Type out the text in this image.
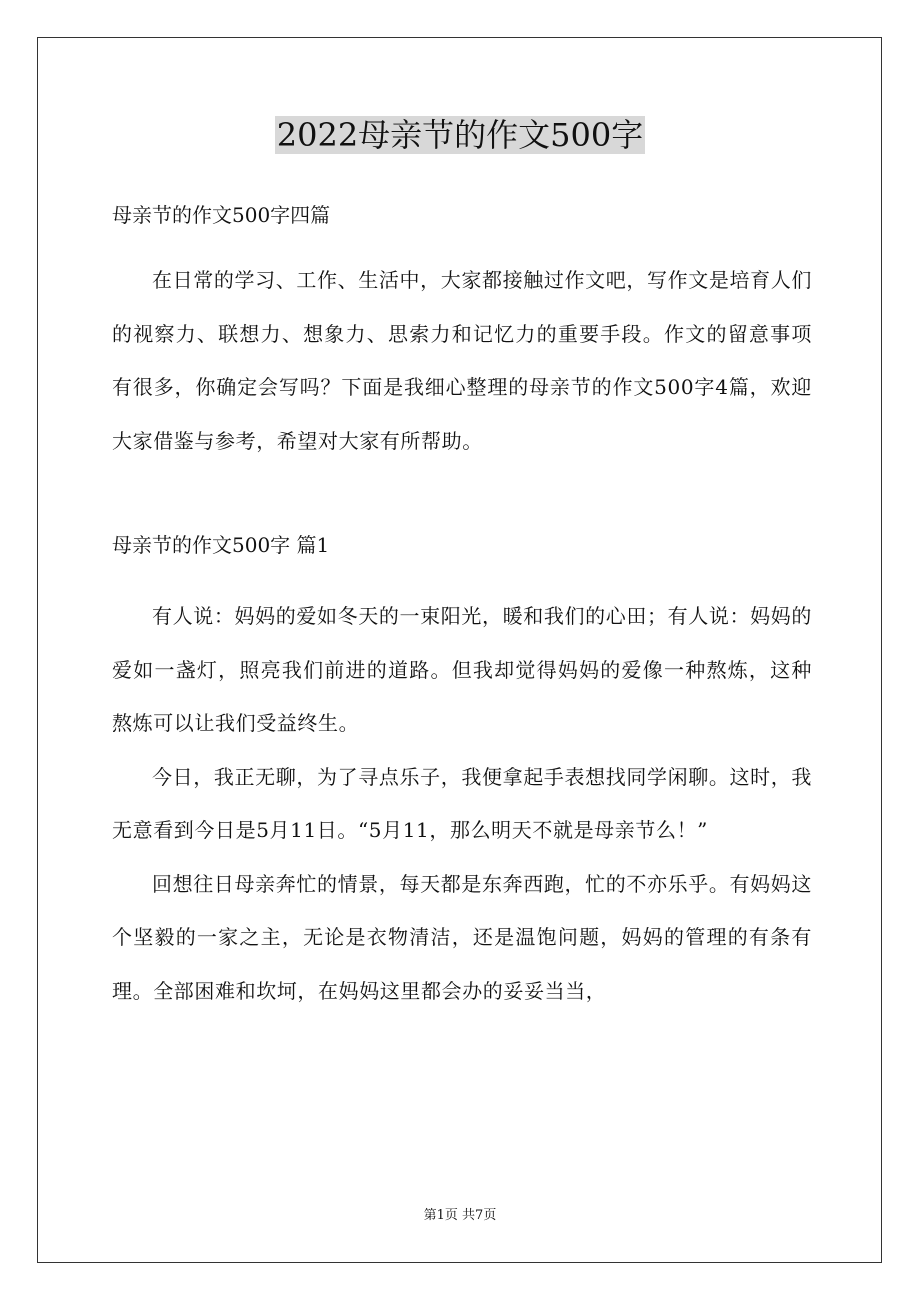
2022母亲节的作文500字

母亲节的作文500字四篇

在日常的学习、工作、生活中，大家都接触过作文吧，写作文是培育人们的视察力、联想力、想象力、思索力和记忆力的重要手段。作文的留意事项有很多，你确定会写吗？下面是我细心整理的母亲节的作文500字4篇，欢迎大家借鉴与参考，希望对大家有所帮助。

母亲节的作文500字 篇1

有人说：妈妈的爱如冬天的一束阳光，暖和我们的心田；有人说：妈妈的爱如一盏灯，照亮我们前进的道路。但我却觉得妈妈的爱像一种熬炼，这种熬炼可以让我们受益终生。

今日，我正无聊，为了寻点乐子，我便拿起手表想找同学闲聊。这时，我无意看到今日是5月11日。“5月11，那么明天不就是母亲节么！”

回想往日母亲奔忙的情景，每天都是东奔西跑，忙的不亦乐乎。有妈妈这个坚毅的一家之主，无论是衣物清洁，还是温饱问题，妈妈的管理的有条有理。全部困难和坎坷，在妈妈这里都会办的妥妥当当，

第1页 共7页
